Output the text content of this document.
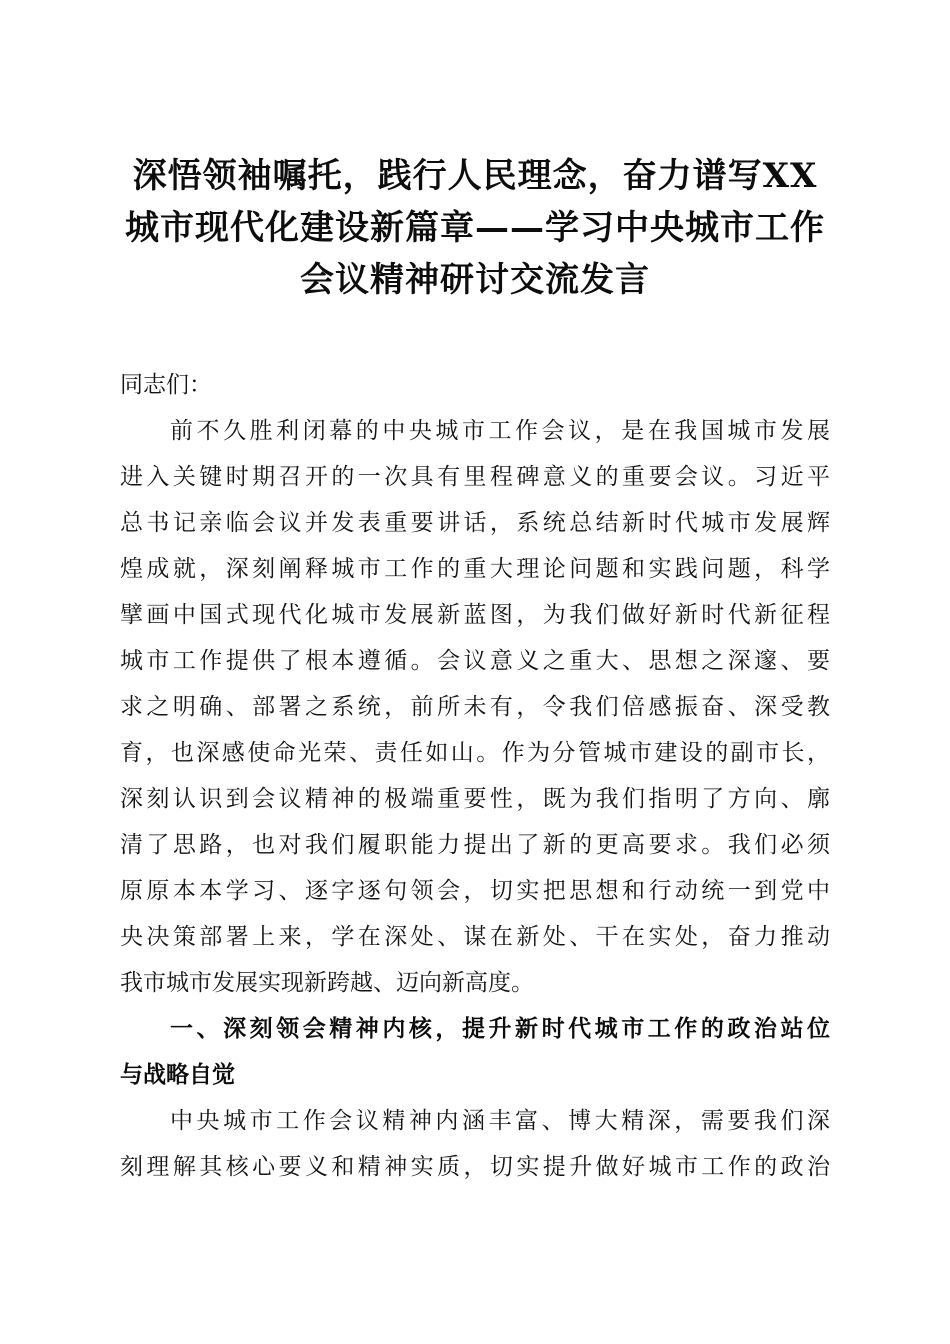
深悟领袖嘱托，践行人民理念，奋力谱写XX
城市现代化建设新篇章——学习中央城市工作
会议精神研讨交流发言
同志们：
前不久胜利闭幕的中央城市工作会议，是在我国城市发展
进入关键时期召开的一次具有里程碑意义的重要会议。习近平
总书记亲临会议并发表重要讲话，系统总结新时代城市发展辉
煌成就，深刻阐释城市工作的重大理论问题和实践问题，科学
擘画中国式现代化城市发展新蓝图，为我们做好新时代新征程
城市工作提供了根本遵循。会议意义之重大、思想之深邃、要
求之明确、部署之系统，前所未有，令我们倍感振奋、深受教
育，也深感使命光荣、责任如山。作为分管城市建设的副市长，
深刻认识到会议精神的极端重要性，既为我们指明了方向、廓
清了思路，也对我们履职能力提出了新的更高要求。我们必须
原原本本学习、逐字逐句领会，切实把思想和行动统一到党中
央决策部署上来，学在深处、谋在新处、干在实处，奋力推动
我市城市发展实现新跨越、迈向新高度。
一、深刻领会精神内核，提升新时代城市工作的政治站位
与战略自觉
中央城市工作会议精神内涵丰富、博大精深，需要我们深
刻理解其核心要义和精神实质，切实提升做好城市工作的政治
